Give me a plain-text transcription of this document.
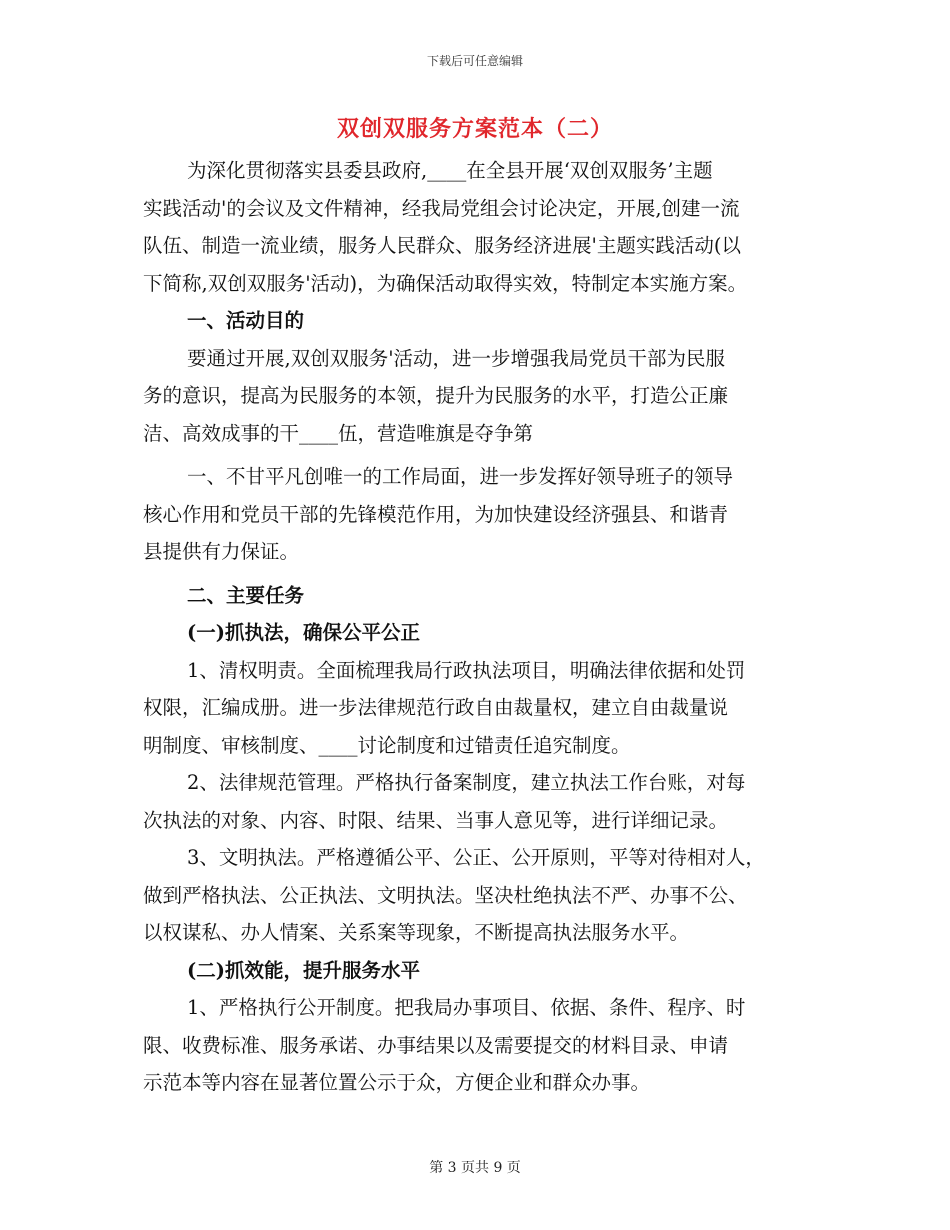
下载后可任意编辑
双创双服务方案范本（二）
为深化贯彻落实县委县政府,____在全县开展‘双创双服务’主题
实践活动'的会议及文件精神，经我局党组会讨论决定，开展,创建一流
队伍、制造一流业绩，服务人民群众、服务经济进展'主题实践活动(以
下简称,双创双服务'活动)，为确保活动取得实效，特制定本实施方案。
一、活动目的
要通过开展,双创双服务'活动，进一步增强我局党员干部为民服
务的意识，提高为民服务的本领，提升为民服务的水平，打造公正廉
洁、高效成事的干____伍，营造唯旗是夺争第
一、不甘平凡创唯一的工作局面，进一步发挥好领导班子的领导
核心作用和党员干部的先锋模范作用，为加快建设经济强县、和谐青
县提供有力保证。
二、主要任务
(一)抓执法，确保公平公正
1、清权明责。全面梳理我局行政执法项目，明确法律依据和处罚
权限，汇编成册。进一步法律规范行政自由裁量权，建立自由裁量说
明制度、审核制度、____讨论制度和过错责任追究制度。
2、法律规范管理。严格执行备案制度，建立执法工作台账，对每
次执法的对象、内容、时限、结果、当事人意见等，进行详细记录。
3、文明执法。严格遵循公平、公正、公开原则，平等对待相对人，
做到严格执法、公正执法、文明执法。坚决杜绝执法不严、办事不公、
以权谋私、办人情案、关系案等现象，不断提高执法服务水平。
(二)抓效能，提升服务水平
1、严格执行公开制度。把我局办事项目、依据、条件、程序、时
限、收费标准、服务承诺、办事结果以及需要提交的材料目录、申请
示范本等内容在显著位置公示于众，方便企业和群众办事。
第 3 页共 9 页
